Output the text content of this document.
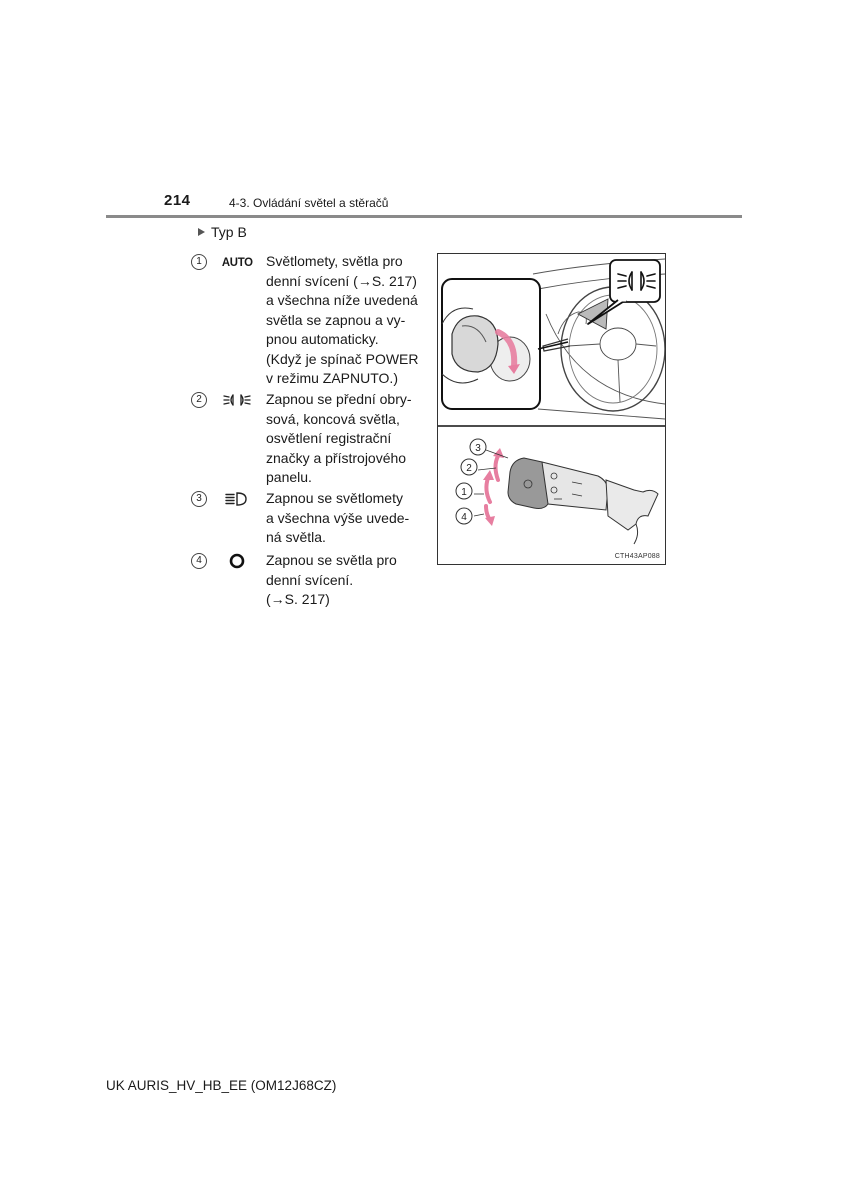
214	4-3. Ovládání světel a stěračů
Typ B
1	AUTO Světlomety, světla pro
denní svícení (→S. 217)
a všechna níže uvedená
světla se zapnou a vy-
pnou automaticky.
(Když je spínač POWER
v režimu ZAPNUTO.)
2	Zapnou se přední obry-
sová, koncová světla,
osvětlení registrační
značky a přístrojového
panelu.
3	Zapnou se světlomety
a všechna výše uvede-
ná světla.
4	Zapnou se světla pro
denní svícení.
(→S. 217)
3
2
1
4
CTH43AP088
UK AURIS_HV_HB_EE (OM12J68CZ)
